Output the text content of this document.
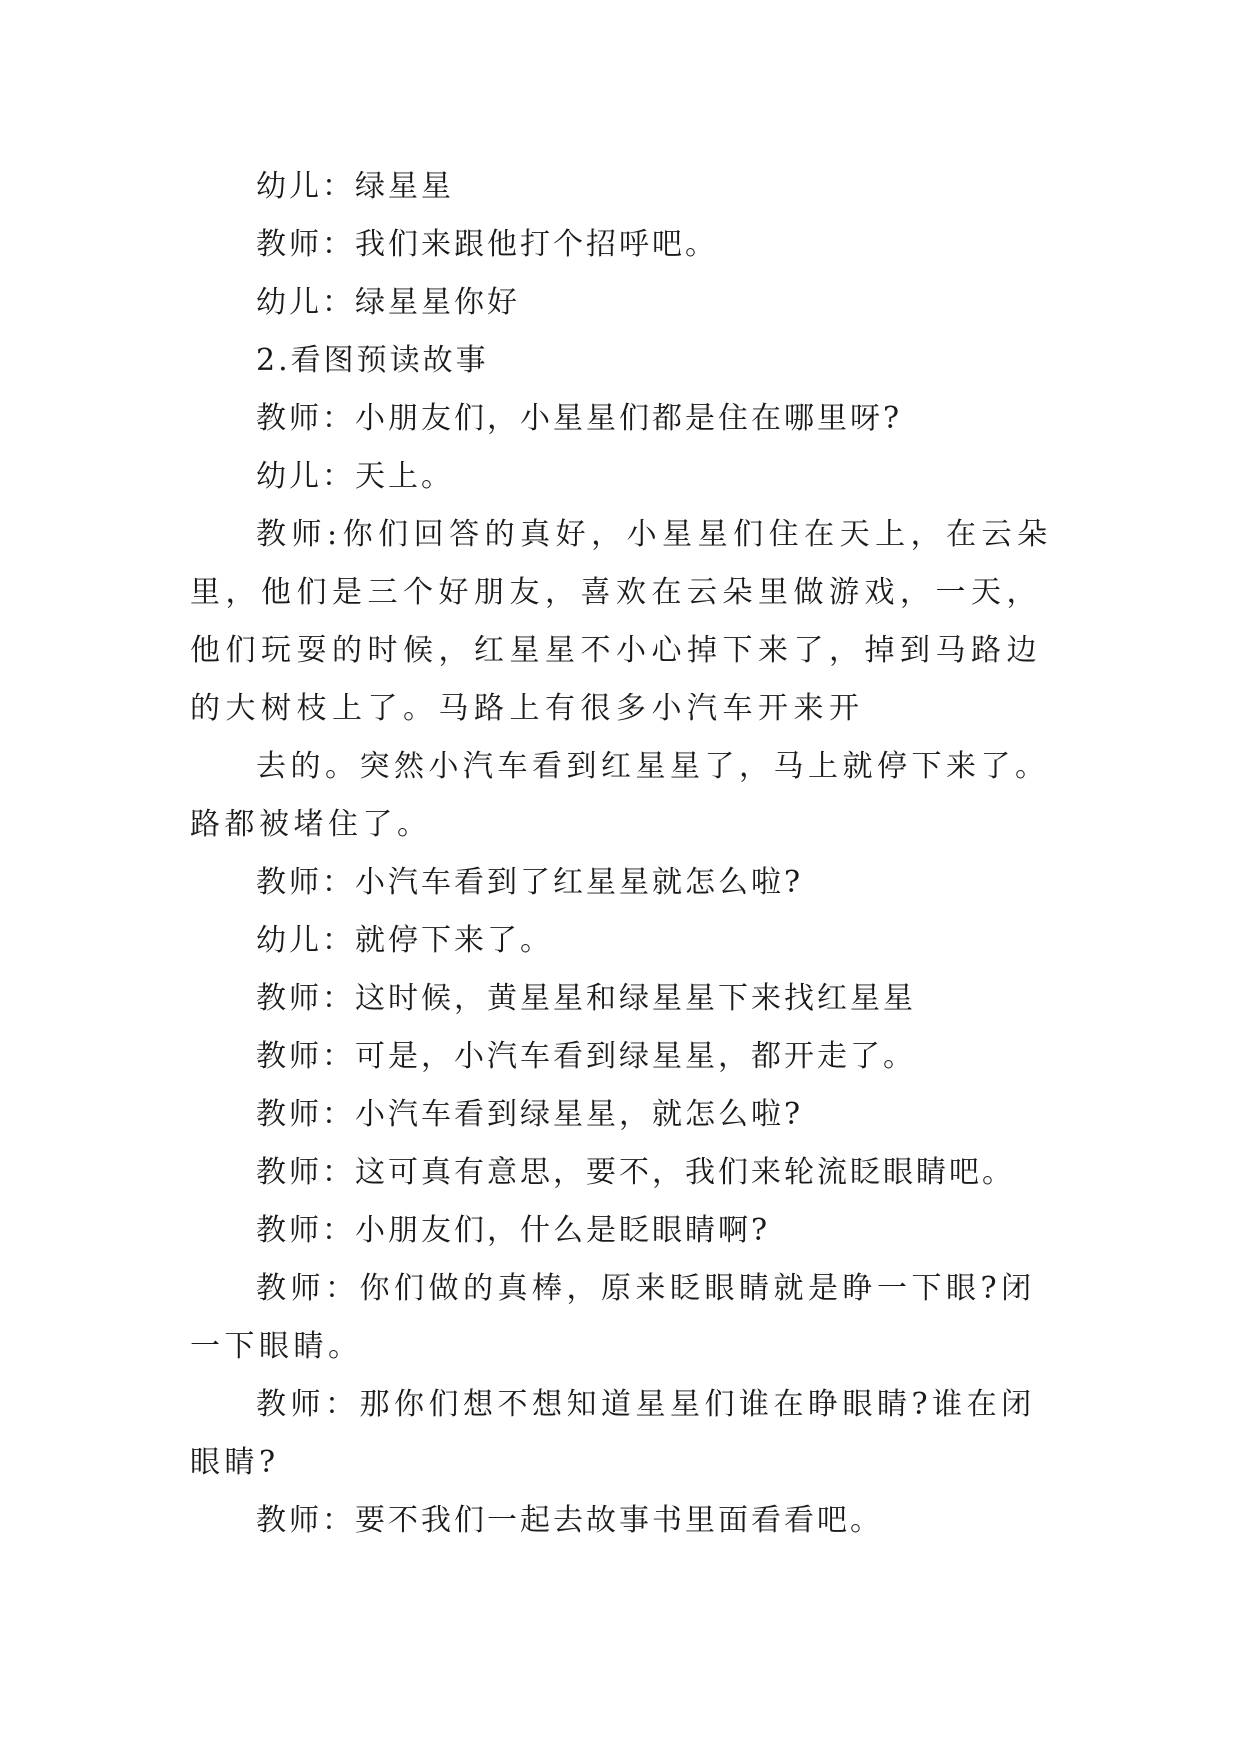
幼儿：绿星星

教师：我们来跟他打个招呼吧。

幼儿：绿星星你好

2.看图预读故事

教师：小朋友们，小星星们都是住在哪里呀?

幼儿：天上。

教师:你们回答的真好，小星星们住在天上，在云朵里，他们是三个好朋友，喜欢在云朵里做游戏，一天，他们玩耍的时候，红星星不小心掉下来了，掉到马路边的大树枝上了。马路上有很多小汽车开来开

去的。突然小汽车看到红星星了，马上就停下来了。路都被堵住了。

教师：小汽车看到了红星星就怎么啦?

幼儿：就停下来了。

教师：这时候，黄星星和绿星星下来找红星星

教师：可是，小汽车看到绿星星，都开走了。

教师：小汽车看到绿星星，就怎么啦?

教师：这可真有意思，要不，我们来轮流眨眼睛吧。

教师：小朋友们，什么是眨眼睛啊?

教师：你们做的真棒，原来眨眼睛就是睁一下眼?闭一下眼睛。

教师：那你们想不想知道星星们谁在睁眼睛?谁在闭眼睛?

教师：要不我们一起去故事书里面看看吧。
